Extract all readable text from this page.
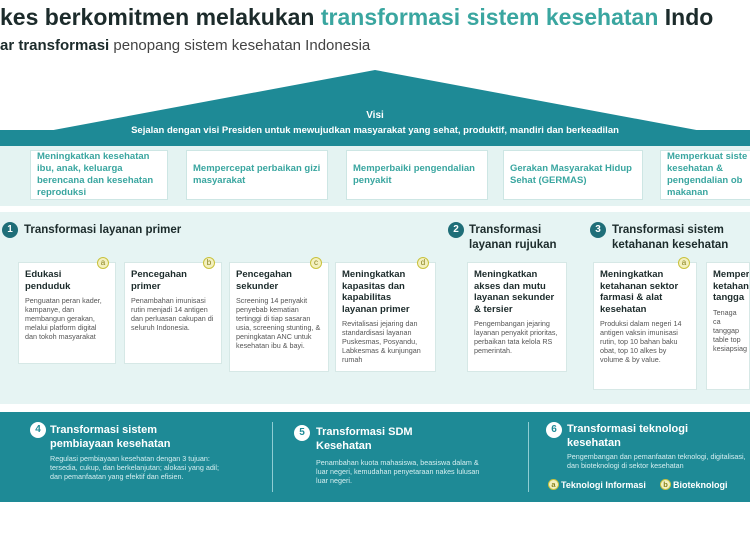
kes berkomitmen melakukan transformasi sistem kesehatan Indo
ar transformasi penopang sistem kesehatan Indonesia
Visi
Sejalan dengan visi Presiden untuk mewujudkan masyarakat yang sehat, produktif, mandiri dan berkeadilan
Meningkatkan kesehatan ibu, anak, keluarga berencana dan kesehatan reproduksi
Mempercepat perbaikan gizi masyarakat
Memperbaiki pengendalian penyakit
Gerakan Masyarakat Hidup Sehat (GERMAS)
Memperkuat siste kesehatan & pengendalian ob makanan
1 Transformasi layanan primer
a
Edukasi penduduk
Penguatan peran kader, kampanye, dan membangun gerakan, melalui platform digital dan tokoh masyarakat
b
Pencegahan primer
Penambahan imunisasi rutin menjadi 14 antigen dan perluasan cakupan di seluruh Indonesia.
c
Pencegahan sekunder
Screening 14 penyakit penyebab kematian tertinggi di tiap sasaran usia, screening stunting, & peningkatan ANC untuk kesehatan ibu & bayi.
d
Meningkatkan kapasitas dan kapabilitas layanan primer
Revitalisasi jejaring dan standardisasi layanan Puskesmas, Posyandu, Labkesmas & kunjungan rumah
2 Transformasi layanan rujukan
Meningkatkan akses dan mutu layanan sekunder & tersier
Pengembangan jejaring layanan penyakit prioritas, perbaikan tata kelola RS pemerintah.
3 Transformasi sistem ketahanan kesehatan
a
Meningkatkan ketahanan sektor farmasi & alat kesehatan
Produksi dalam negeri 14 antigen vaksin imunisasi rutin, top 10 bahan baku obat, top 10 alkes by volume & by value.
Memper ketahan tangga
Tenaga ca tanggap table top kesiapsiag
4 Transformasi sistem pembiayaan kesehatan
Regulasi pembiayaan kesehatan dengan 3 tujuan: tersedia, cukup, dan berkelanjutan; alokasi yang adil; dan pemanfaatan yang efektif dan efisien.
5	Transformasi SDM Kesehatan
Penambahan kuota mahasiswa, beasiswa dalam & luar negeri, kemudahan penyetaraan nakes lulusan luar negeri.
6 Transformasi teknologi kesehatan
Pengembangan dan pemanfaatan teknologi, digitalisasi, dan bioteknologi di sektor kesehatan
a Teknologi Informasi	b Bioteknologi
